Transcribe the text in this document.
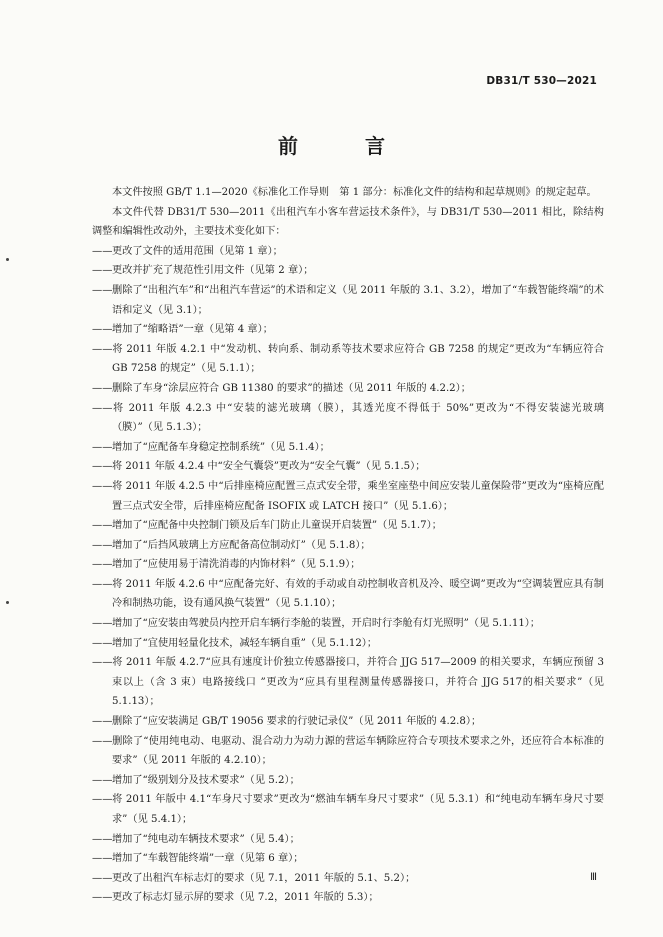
DB31/T 530—2021
前 言

本文件按照 GB/T 1.1—2020《标准化工作导则　第 1 部分：标准化文件的结构和起草规则》的规定起草。

本文件代替 DB31/T 530—2011《出租汽车小客车营运技术条件》，与 DB31/T 530—2011 相比，除结构调整和编辑性改动外，主要技术变化如下：

——更改了文件的适用范围（见第 1 章）；

——更改并扩充了规范性引用文件（见第 2 章）；

——删除了“出租汽车”和“出租汽车营运”的术语和定义（见 2011 年版的 3.1、3.2），增加了“车载智能终端”的术语和定义（见 3.1）；

——增加了“缩略语”一章（见第 4 章）；

——将 2011 年版 4.2.1 中“发动机、转向系、制动系等技术要求应符合 GB 7258 的规定”更改为“车辆应符合 GB 7258 的规定”（见 5.1.1）；

——删除了车身“涂层应符合 GB 11380 的要求”的描述（见 2011 年版的 4.2.2）；

——将 2011 年版 4.2.3 中“安装的滤光玻璃（膜），其透光度不得低于 50%”更改为“不得安装滤光玻璃（膜）”（见 5.1.3）；

——增加了“应配备车身稳定控制系统”（见 5.1.4）；

——将 2011 年版 4.2.4 中“安全气囊袋”更改为“安全气囊”（见 5.1.5）；

——将 2011 年版 4.2.5 中“后排座椅应配置三点式安全带，乘坐室座垫中间应安装儿童保险带”更改为“座椅应配置三点式安全带，后排座椅应配备 ISOFIX 或 LATCH 接口”（见 5.1.6）；

——增加了“应配备中央控制门锁及后车门防止儿童误开启装置”（见 5.1.7）；

——增加了“后挡风玻璃上方应配备高位制动灯”（见 5.1.8）；

——增加了“应使用易于清洗消毒的内饰材料”（见 5.1.9）；

——将 2011 年版 4.2.6 中“应配备完好、有效的手动或自动控制收音机及冷、暖空调”更改为“空调装置应具有制冷和制热功能，设有通风换气装置”（见 5.1.10）；

——增加了“应安装由驾驶员内控开启车辆行李舱的装置，开启时行李舱有灯光照明”（见 5.1.11）；

——增加了“宜使用轻量化技术，减轻车辆自重”（见 5.1.12）；

——将 2011 年版 4.2.7“应具有速度计价独立传感器接口，并符合 JJG 517—2009 的相关要求，车辆应预留 3 束以上（含 3 束）电路接线口 ”更改为“应具有里程测量传感器接口，并符合 JJG 517的相关要求”（见 5.1.13）；

——删除了“应安装满足 GB/T 19056 要求的行驶记录仪”（见 2011 年版的 4.2.8）；

——删除了“使用纯电动、电驱动、混合动力为动力源的营运车辆除应符合专项技术要求之外，还应符合本标准的要求”（见 2011 年版的 4.2.10）；

——增加了“级别划分及技术要求”（见 5.2）；

——将 2011 年版中 4.1“车身尺寸要求”更改为“燃油车辆车身尺寸要求”（见 5.3.1）和“纯电动车辆车身尺寸要求”（见 5.4.1）；

——增加了“纯电动车辆技术要求”（见 5.4）；

——增加了“车载智能终端”一章（见第 6 章）；

——更改了出租汽车标志灯的要求（见 7.1，2011 年版的 5.1、5.2）；

——更改了标志灯显示屏的要求（见 7.2，2011 年版的 5.3）；

Ⅲ
